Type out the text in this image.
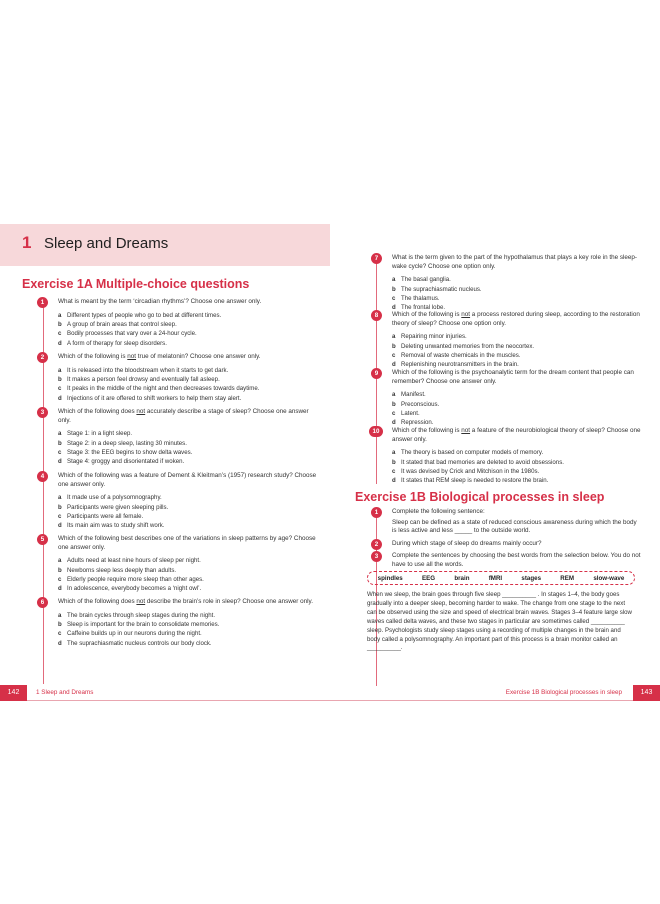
1 Sleep and Dreams
Exercise 1A Multiple-choice questions
1	What is meant by the term ‘circadian rhythms’? Choose one answer only.
a Different types of people who go to bed at different times.
b A group of brain areas that control sleep.
c Bodily processes that vary over a 24-hour cycle.
d A form of therapy for sleep disorders.
2	Which of the following is not true of melatonin? Choose one answer only.
a It is released into the bloodstream when it starts to get dark.
b It makes a person feel drowsy and eventually fall asleep.
c It peaks in the middle of the night and then decreases towards daytime.
d Injections of it are offered to shift workers to help them stay alert.
3	Which of the following does not accurately describe a stage of sleep? Choose one answer only.
a Stage 1: in a light sleep.
b Stage 2: in a deep sleep, lasting 30 minutes.
c Stage 3: the EEG begins to show delta waves.
d Stage 4: groggy and disorientated if woken.
4	Which of the following was a feature of Dement & Kleitman’s (1957) research study? Choose one answer only.
a It made use of a polysomnography.
b Participants were given sleeping pills.
c Participants were all female.
d Its main aim was to study shift work.
5	Which of the following best describes one of the variations in sleep patterns by age? Choose one answer only.
a Adults need at least nine hours of sleep per night.
b Newborns sleep less deeply than adults.
c Elderly people require more sleep than other ages.
d In adolescence, everybody becomes a ‘night owl’.
6	Which of the following does not describe the brain’s role in sleep? Choose one answer only.
a The brain cycles through sleep stages during the night.
b Sleep is important for the brain to consolidate memories.
c Caffeine builds up in our neurons during the night.
d The suprachiasmatic nucleus controls our body clock.
7	What is the term given to the part of the hypothalamus that plays a key role in the sleep-wake cycle? Choose one option only.
a The basal ganglia.
b The suprachiasmatic nucleus.
c The thalamus.
d The frontal lobe.
8	Which of the following is not a process restored during sleep, according to the restoration theory of sleep? Choose one option only.
a Repairing minor injuries.
b Deleting unwanted memories from the neocortex.
c Removal of waste chemicals in the muscles.
d Replenishing neurotransmitters in the brain.
9	Which of the following is the psychoanalytic term for the dream content that people can remember? Choose one answer only.
a Manifest.
b Preconscious.
c Latent.
d Repression.
10	Which of the following is not a feature of the neurobiological theory of sleep? Choose one answer only.
a The theory is based on computer models of memory.
b It stated that bad memories are deleted to avoid obsessions.
c It was devised by Crick and Mitchison in the 1980s.
d It states that REM sleep is needed to restore the brain.
Exercise 1B Biological processes in sleep
1	Complete the following sentence:
Sleep can be defined as a state of reduced conscious awareness during which the body is less active and less _____ to the outside world.
2	During which stage of sleep do dreams mainly occur?
3	Complete the sentences by choosing the best words from the selection below. You do not have to use all the words.
spindles	EEG	brain	fMRI	stages	REM	slow-wave
When we sleep, the brain goes through five sleep __________ . In stages 1–4, the body goes gradually into a deeper sleep, becoming harder to wake. The change from one stage to the next can be observed using the size and speed of electrical brain waves. Stages 3–4 feature large slow waves called delta waves, and these two stages in particular are sometimes called __________ sleep. Psychologists study sleep stages using a recording of multiple changes in the brain and body called a polysomnography. An important part of this process is a brain monitor called an __________.
142	1 Sleep and Dreams	143
Exercise 1B Biological processes in sleep
